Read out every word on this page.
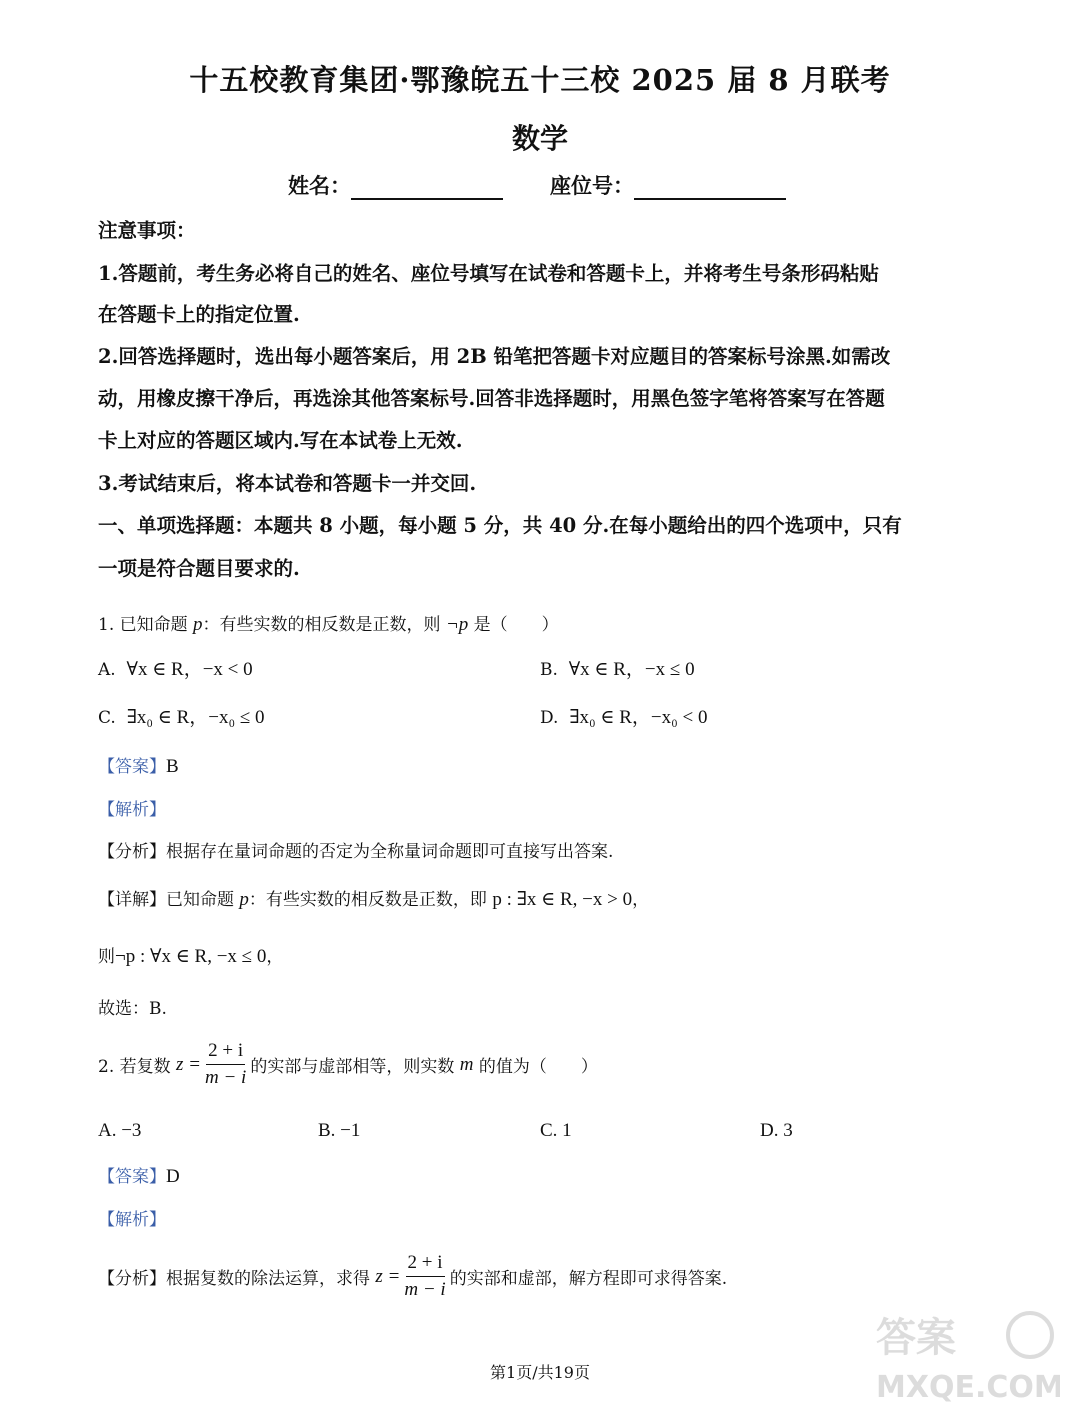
十五校教育集团·鄂豫皖五十三校 2025 届 8 月联考
数学
姓名：	座位号：
注意事项：
1.答题前，考生务必将自己的姓名、座位号填写在试卷和答题卡上，并将考生号条形码粘贴
在答题卡上的指定位置.
2.回答选择题时，选出每小题答案后，用 2B 铅笔把答题卡对应题目的答案标号涂黑.如需改
动，用橡皮擦干净后，再选涂其他答案标号.回答非选择题时，用黑色签字笔将答案写在答题
卡上对应的答题区域内.写在本试卷上无效.
3.考试结束后，将本试卷和答题卡一并交回.
一、单项选择题：本题共 8 小题，每小题 5 分，共 40 分.在每小题给出的四个选项中，只有
一项是符合题目要求的.
1. 已知命题 p：有些实数的相反数是正数，则 ¬p 是（　　）
A. ∀x ∈ R，−x < 0	B. ∀x ∈ R，−x ≤ 0
C. ∃x₀ ∈ R，−x₀ ≤ 0	D. ∃x₀ ∈ R，−x₀ < 0
【答案】B
【解析】
【分析】根据存在量词命题的否定为全称量词命题即可直接写出答案.
【详解】已知命题 p：有些实数的相反数是正数，即 p : ∃x ∈ R, −x > 0，
则¬p : ∀x ∈ R, −x ≤ 0，
故选：B.
2. 若复数
$z = \frac{2 + i}{m - i}$ 的实部与虚部相等，则实数
m
的值为（　　）
A. −3	B. −1	C. 1	D. 3
【答案】D
【解析】
【分析】 根据复数的除法运算，求得
$z = \frac{2 + i}{m - i}$ 的实部和虚部，解方程即可求得答案.
第1页/共19页
答案
MXQE.COM
